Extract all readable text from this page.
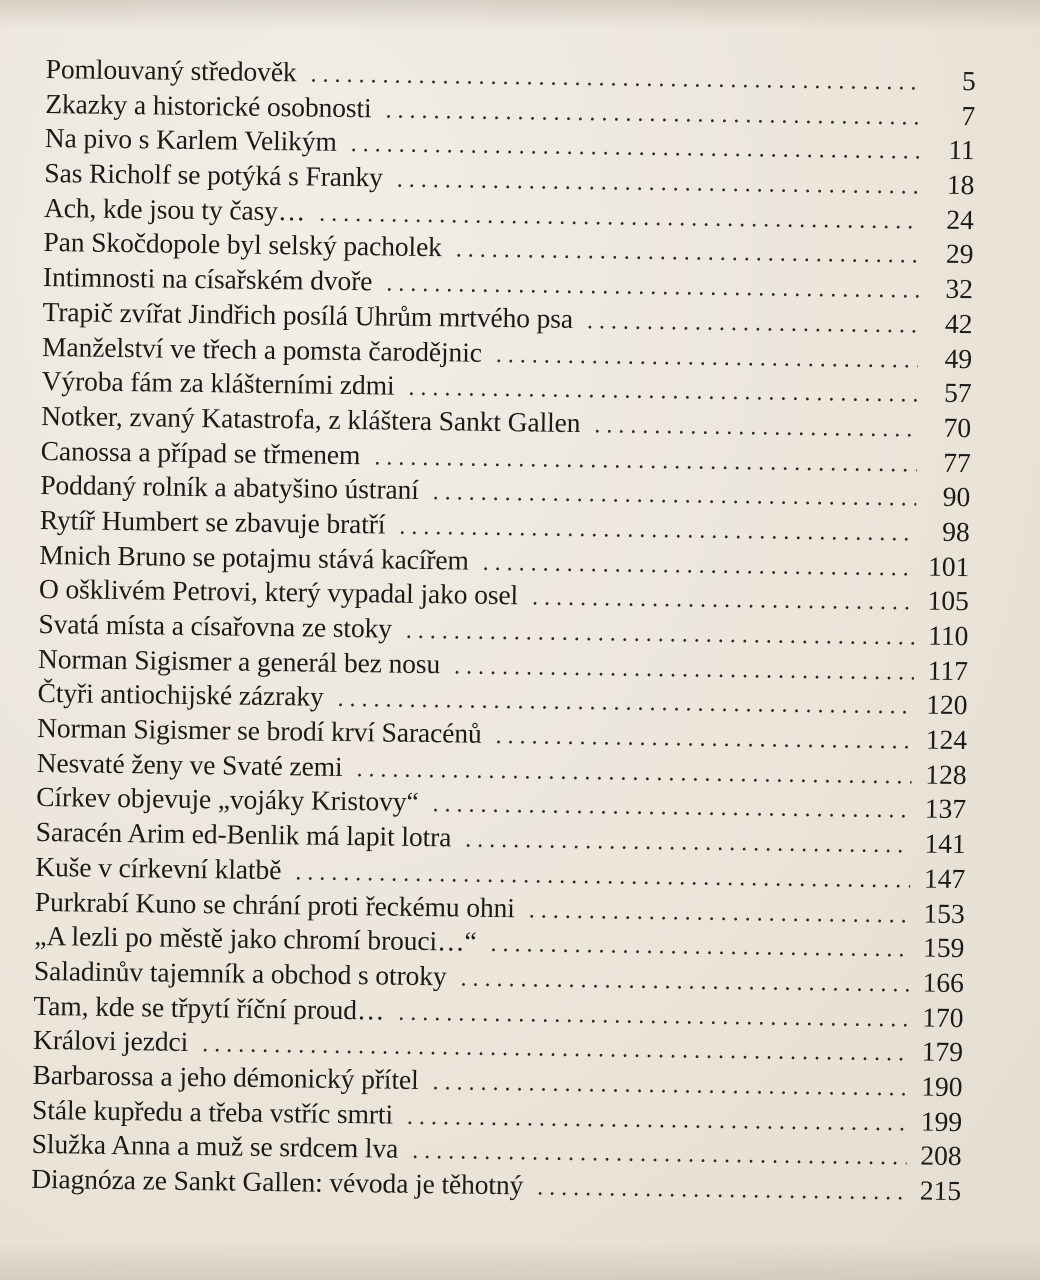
Pomlouvaný středověk . . .	5
Zkazky a historické osobnosti . . .	7
Na pivo s Karlem Velikým . . .	11
Sas Richolf se potýká s Franky . . .	18
Ach, kde jsou ty časy… . . .	24
Pan Skočdopole byl selský pacholek . . .	29
Intimnosti na císařském dvoře . . .	32
Trapič zvířat Jindřich posílá Uhrům mrtvého psa . . .	42
Manželství ve třech a pomsta čarodějnic . . .	49
Výroba fám za klášterními zdmi . . .	57
Notker, zvaný Katastrofa, z kláštera Sankt Gallen . . .	70
Canossa a případ se třmenem . . .	77
Poddaný rolník a abatyšino ústraní . . .	90
Rytíř Humbert se zbavuje bratří . . .	98
Mnich Bruno se potajmu stává kacířem . . .	101
O ošklivém Petrovi, který vypadal jako osel . . .	105
Svatá místa a císařovna ze stoky . . .	110
Norman Sigismer a generál bez nosu . . .	117
Čtyři antiochijské zázraky . . .	120
Norman Sigismer se brodí krví Saracénů . . .	124
Nesvaté ženy ve Svaté zemi . . .	128
Církev objevuje „vojáky Kristovy“ . . .	137
Saracén Arim ed-Benlik má lapit lotra . . .	141
Kuše v církevní klatbě . . .	147
Purkrabí Kuno se chrání proti řeckému ohni . . .	153
„A lezli po městě jako chromí brouci…“ . . .	159
Saladinův tajemník a obchod s otroky . . .	166
Tam, kde se třpytí říční proud… . . .	170
Královi jezdci . . .	179
Barbarossa a jeho démonický přítel . . .	190
Stále kupředu a třeba vstříc smrti . . .	199
Služka Anna a muž se srdcem lva . . .	208
Diagnóza ze Sankt Gallen: vévoda je těhotný . . .	215
